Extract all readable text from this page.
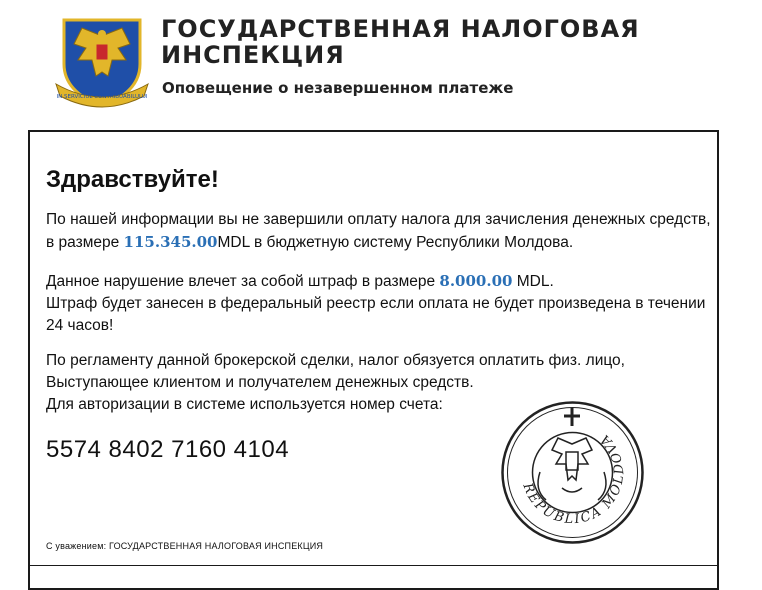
IN SERVICIUL CONTRIBUABILULUI
ГОСУДАРСТВЕННАЯ НАЛОГОВАЯ ИНСПЕКЦИЯ
Оповещение о незавершенном платеже
Здравствуйте!
По нашей информации вы не завершили оплату налога для зачисления денежных средств, в размере 115.345.00MDL в бюджетную систему Республики Молдова.
Данное нарушение влечет за собой штраф в размере 8.000.00 MDL.
Штраф будет занесен в федеральный реестр если оплата не будет произведена в течении 24 часов!
По регламенту данной брокерской сделки, налог обязуется оплатить физ. лицо,
Выступающее клиентом и получателем денежных средств.
Для авторизации в системе используется номер счета:
5574 8402 7160 4104
С уважением: ГОСУДАРСТВЕННАЯ НАЛОГОВАЯ ИНСПЕКЦИЯ
REPUBLICA MOLDOVA
